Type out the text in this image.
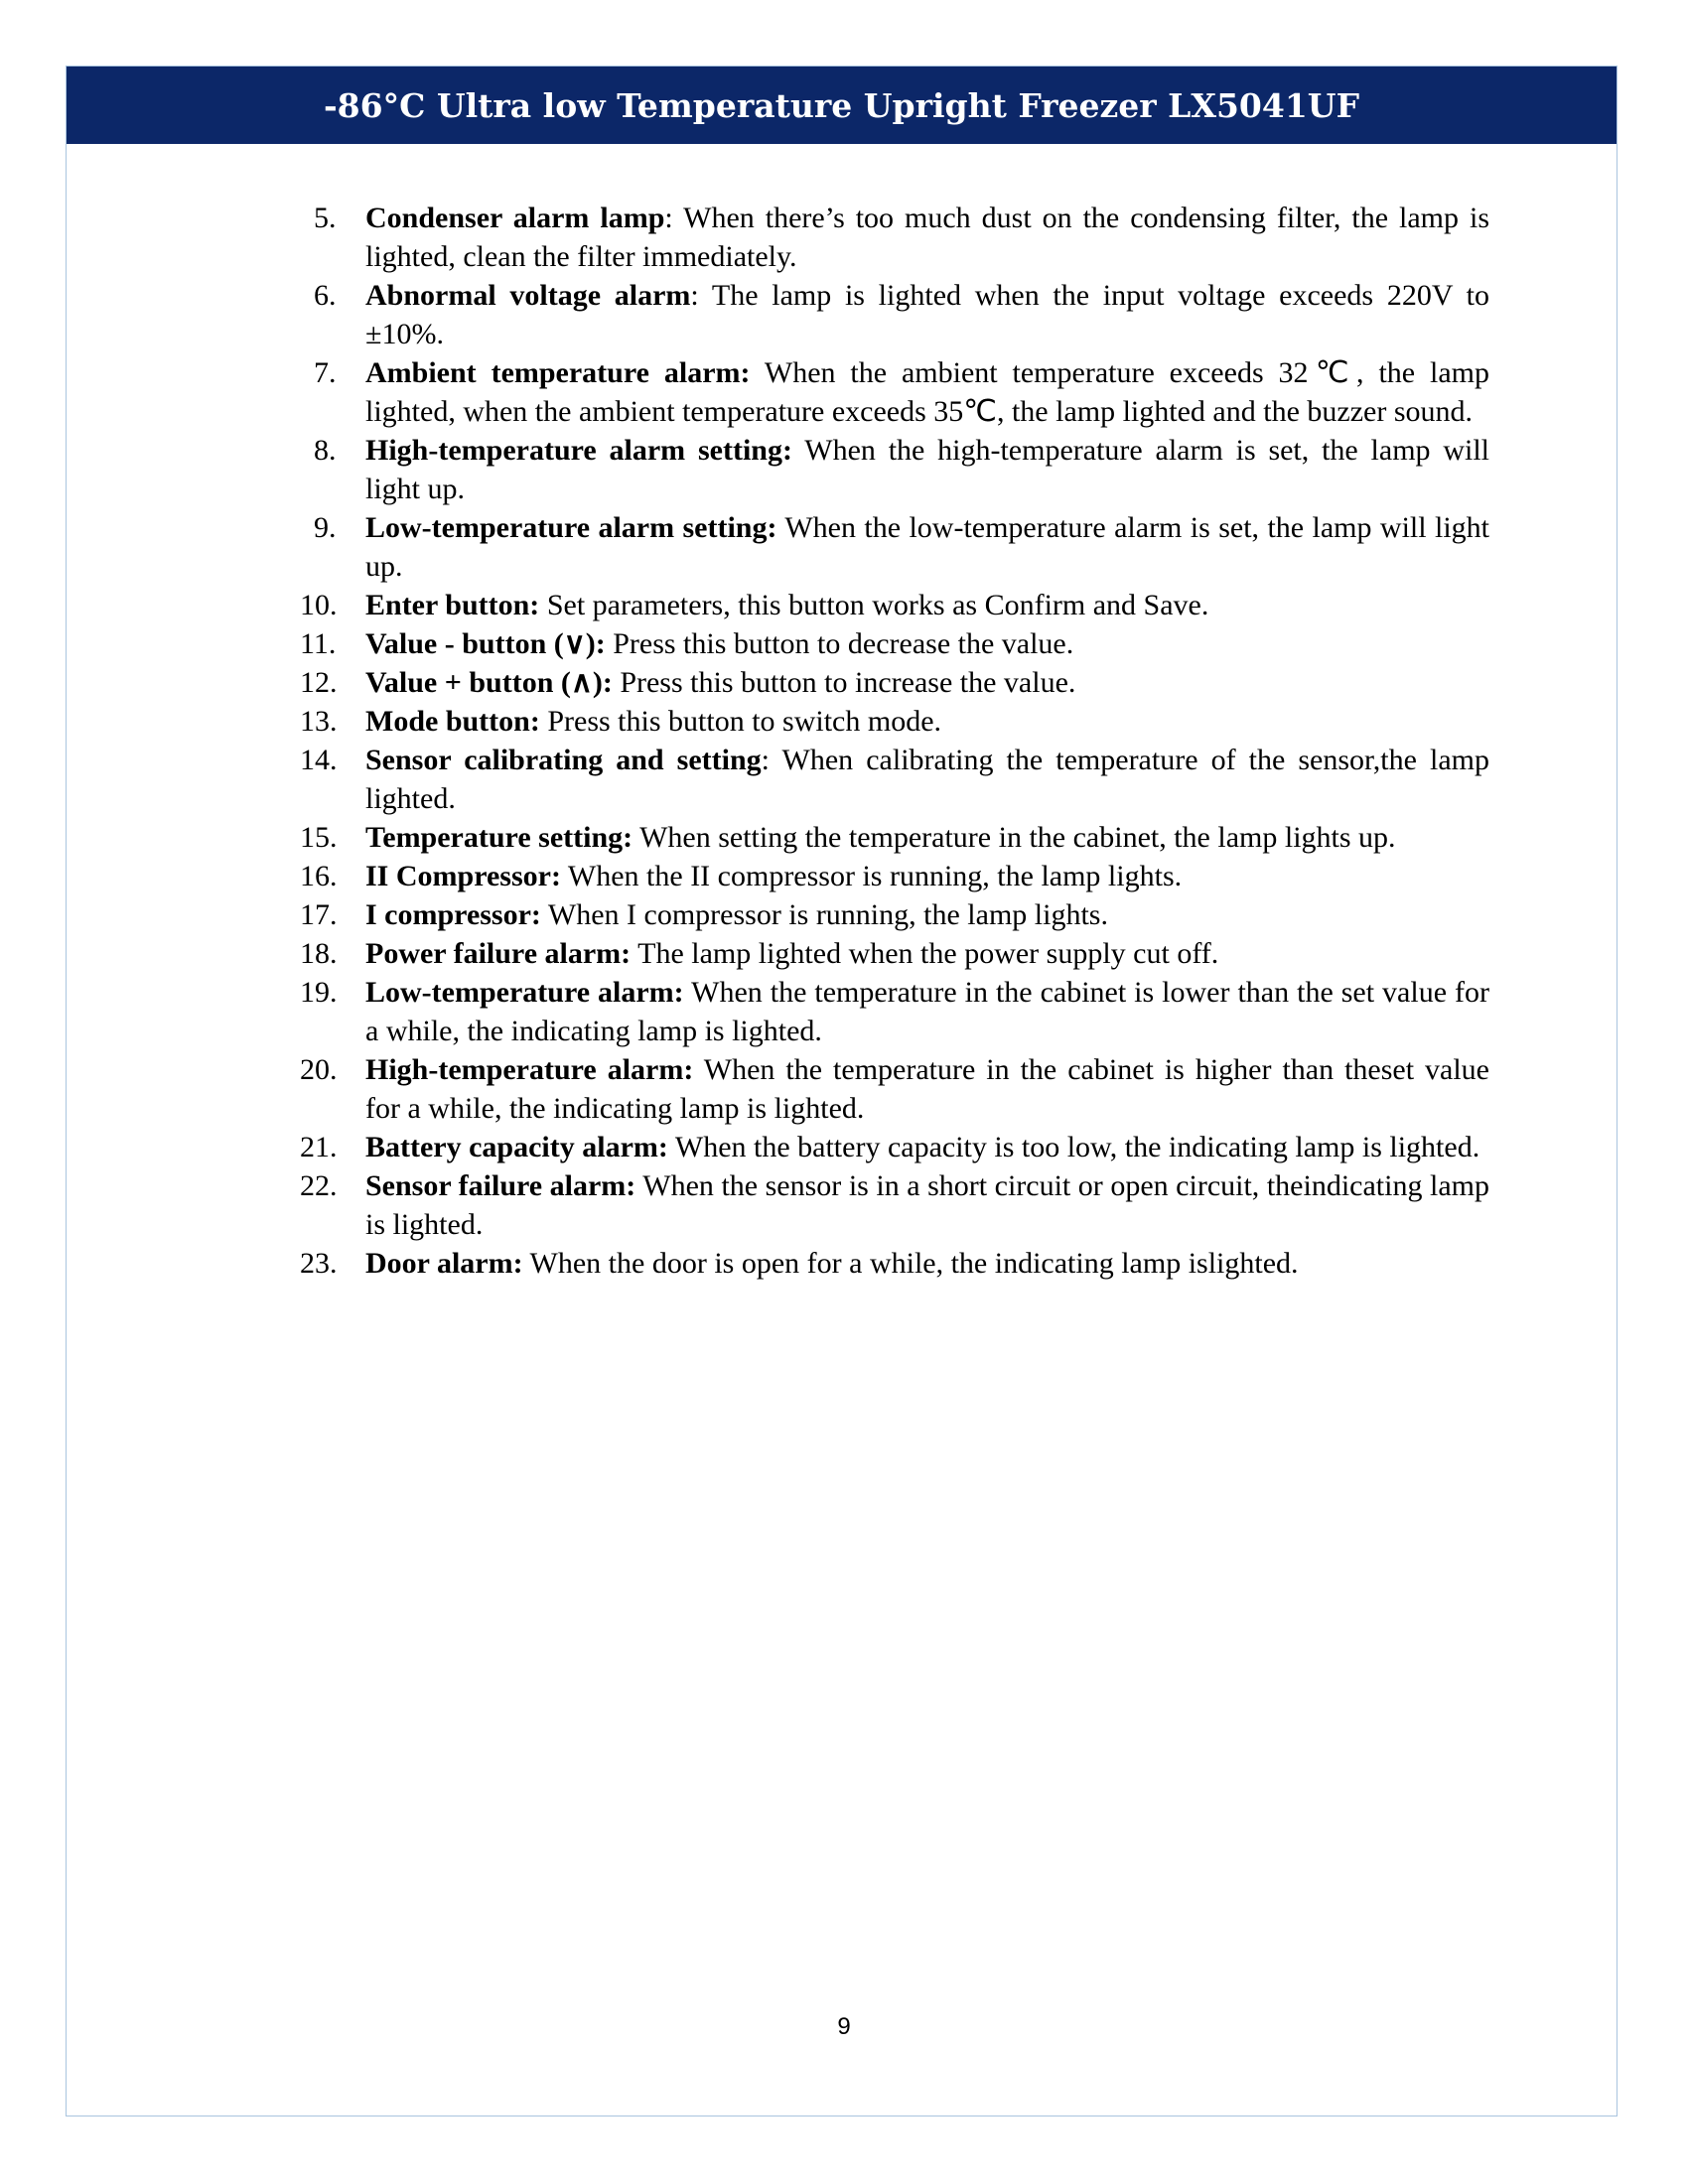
-86°C Ultra low Temperature Upright Freezer LX5041UF
5. Condenser alarm lamp: When there’s too much dust on the condensing filter, the lamp is lighted, clean the filter immediately.
6. Abnormal voltage alarm: The lamp is lighted when the input voltage exceeds 220V to ±10%.
7. Ambient temperature alarm: When the ambient temperature exceeds 32℃, the lamp lighted, when the ambient temperature exceeds 35℃, the lamp lighted and the buzzer sound.
8. High-temperature alarm setting: When the high-temperature alarm is set, the lamp will light up.
9. Low-temperature alarm setting: When the low-temperature alarm is set, the lamp will light up.
10. Enter button: Set parameters, this button works as Confirm and Save.
11. Value - button (∨): Press this button to decrease the value.
12. Value + button (∧): Press this button to increase the value.
13. Mode button: Press this button to switch mode.
14. Sensor calibrating and setting: When calibrating the temperature of the sensor,the lamp lighted.
15. Temperature setting: When setting the temperature in the cabinet, the lamp lights up.
16. II Compressor: When the II compressor is running, the lamp lights.
17. I compressor: When I compressor is running, the lamp lights.
18. Power failure alarm: The lamp lighted when the power supply cut off.
19. Low-temperature alarm: When the temperature in the cabinet is lower than the set value for a while, the indicating lamp is lighted.
20. High-temperature alarm: When the temperature in the cabinet is higher than theset value for a while, the indicating lamp is lighted.
21. Battery capacity alarm: When the battery capacity is too low, the indicating lamp is lighted.
22. Sensor failure alarm: When the sensor is in a short circuit or open circuit, theindicating lamp is lighted.
23. Door alarm: When the door is open for a while, the indicating lamp islighted.
9
